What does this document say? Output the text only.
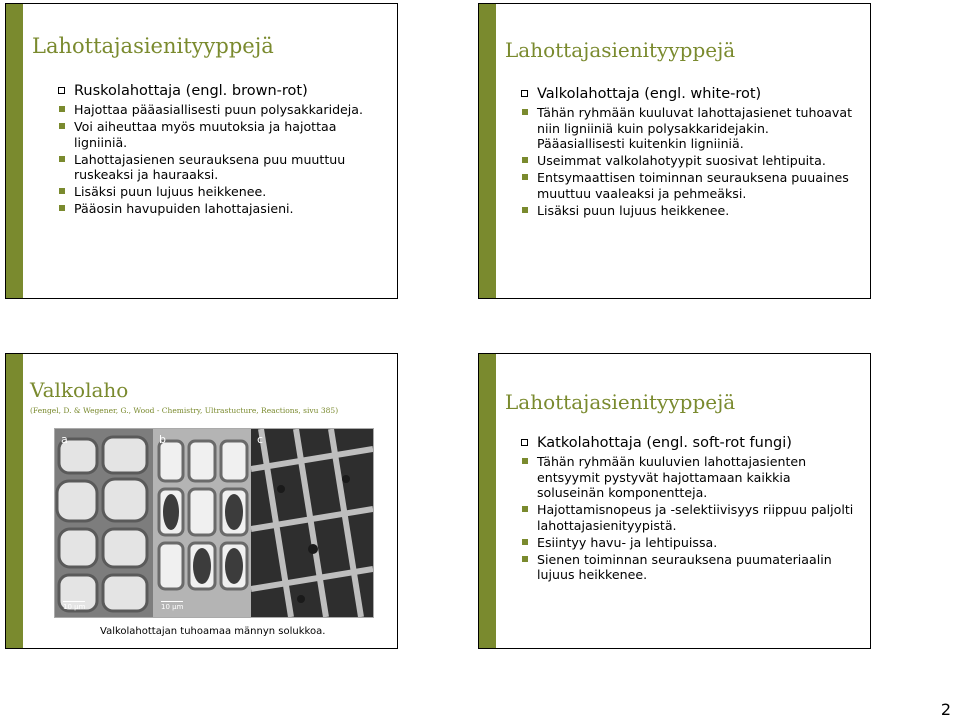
Lahottajasienityyppejä
Ruskolahottaja (engl. brown-rot)
Hajottaa pääasiallisesti puun polysakkarideja.
Voi aiheuttaa myös muutoksia ja hajottaa ligniiniä.
Lahottajasienen seurauksena puu muuttuu ruskeaksi ja hauraaksi.
Lisäksi puun lujuus heikkenee.
Pääosin havupuiden lahottajasieni.
Lahottajasienityyppejä
Valkolahottaja (engl. white-rot)
Tähän ryhmään kuuluvat lahottajasienet tuhoavat niin ligniiniä kuin polysakkaridejakin. Pääasiallisesti kuitenkin ligniiniä.
Useimmat valkolahotyypit suosivat lehtipuita.
Entsymaattisen toiminnan seurauksena puuaines muuttuu vaaleaksi ja pehmeäksi.
Lisäksi puun lujuus heikkenee.
Valkolaho
(Fengel, D. & Wegener, G., Wood - Chemistry, Ultrastucture, Reactions, sivu 385)
a
10 µm
b
10 µm
c
Valkolahottajan tuhoamaa männyn solukkoa.
Lahottajasienityyppejä
Katkolahottaja (engl. soft-rot fungi)
Tähän ryhmään kuuluvien lahottajasienten entsyymit pystyvät hajottamaan kaikkia soluseinän komponentteja.
Hajottamisnopeus ja -selektiivisyys riippuu paljolti lahottajasienityypistä.
Esiintyy havu- ja lehtipuissa.
Sienen toiminnan seurauksena puumateriaalin lujuus heikkenee.
2
